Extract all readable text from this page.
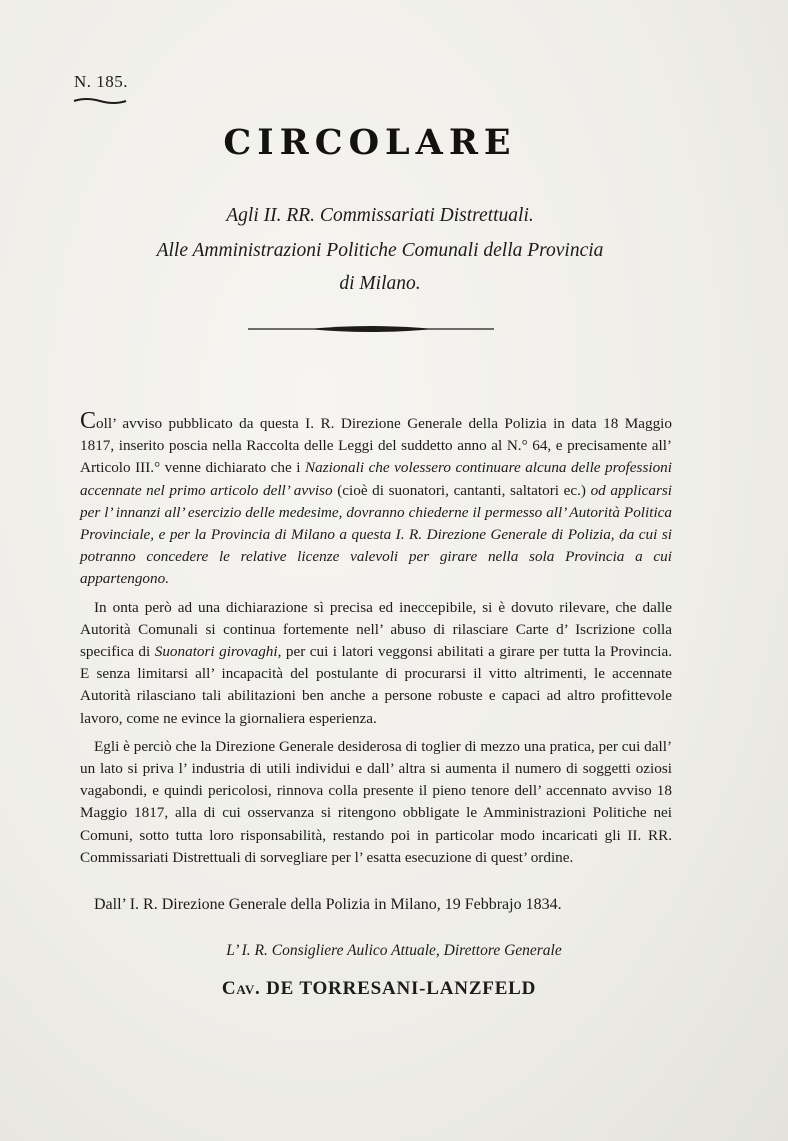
N. 185.
CIRCOLARE
Agli II. RR. Commissariati Distrettuali.
Alle Amministrazioni Politiche Comunali della Provincia
di Milano.

Coll’ avviso pubblicato da questa I. R. Direzione Generale della Polizia in data 18 Maggio 1817, inserito poscia nella Raccolta delle Leggi del suddetto anno al N.° 64, e precisamente all’ Articolo III.° venne dichiarato che i Nazionali che volessero continuare alcuna delle professioni accennate nel primo articolo dell’ avviso (cioè di suonatori, cantanti, saltatori ec.) od applicarsi per l’ innanzi all’ esercizio delle medesime, dovranno chiederne il permesso all’ Autorità Politica Provinciale, e per la Provincia di Milano a questa I. R. Direzione Generale di Polizia, da cui si potranno concedere le relative licenze valevoli per girare nella sola Provincia a cui appartengono.

In onta però ad una dichiarazione sì precisa ed ineccepibile, si è dovuto rilevare, che dalle Autorità Comunali si continua fortemente nell’ abuso di rilasciare Carte d’ Iscrizione colla specifica di Suonatori girovaghi, per cui i latori veggonsi abilitati a girare per tutta la Provincia. E senza limitarsi all’ incapacità del postulante di procurarsi il vitto altrimenti, le accennate Autorità rilasciano tali abilitazioni ben anche a persone robuste e capaci ad altro profittevole lavoro, come ne evince la giornaliera esperienza.

Egli è perciò che la Direzione Generale desiderosa di toglier di mezzo una pratica, per cui dall’ un lato si priva l’ industria di utili individui e dall’ altra si aumenta il numero di soggetti oziosi vagabondi, e quindi pericolosi, rinnova colla presente il pieno tenore dell’ accennato avviso 18 Maggio 1817, alla di cui osservanza si ritengono obbligate le Amministrazioni Politiche nei Comuni, sotto tutta loro risponsabilità, restando poi in particolar modo incaricati gli II. RR. Commissariati Distrettuali di sorvegliare per l’ esatta esecuzione di quest’ ordine.

Dall’ I. R. Direzione Generale della Polizia in Milano, 19 Febbrajo 1834.
L’ I. R. Consigliere Aulico Attuale, Direttore Generale
Cav. DE TORRESANI-LANZFELD
